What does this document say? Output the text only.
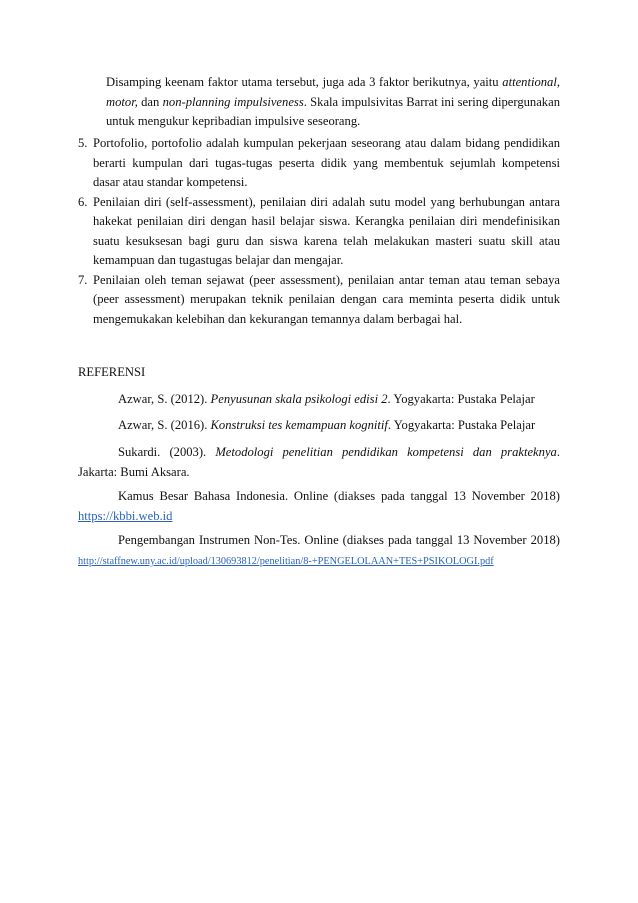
Disamping keenam faktor utama tersebut, juga ada 3 faktor berikutnya, yaitu attentional, motor, dan non-planning impulsiveness. Skala impulsivitas Barrat ini sering dipergunakan untuk mengukur kepribadian impulsive seseorang.

5. Portofolio, portofolio adalah kumpulan pekerjaan seseorang atau dalam bidang pendidikan berarti kumpulan dari tugas-tugas peserta didik yang membentuk sejumlah kompetensi dasar atau standar kompetensi.

6. Penilaian diri (self-assessment), penilaian diri adalah sutu model yang berhubungan antara hakekat penilaian diri dengan hasil belajar siswa. Kerangka penilaian diri mendefinisikan suatu kesuksesan bagi guru dan siswa karena telah melakukan masteri suatu skill atau kemampuan dan tugastugas belajar dan mengajar.

7. Penilaian oleh teman sejawat (peer assessment), penilaian antar teman atau teman sebaya (peer assessment) merupakan teknik penilaian dengan cara meminta peserta didik untuk mengemukakan kelebihan dan kekurangan temannya dalam berbagai hal.

REFERENSI

Azwar, S. (2012). Penyusunan skala psikologi edisi 2. Yogyakarta: Pustaka Pelajar

Azwar, S. (2016). Konstruksi tes kemampuan kognitif. Yogyakarta: Pustaka Pelajar

Sukardi. (2003). Metodologi penelitian pendidikan kompetensi dan prakteknya. Jakarta: Bumi Aksara.

Kamus Besar Bahasa Indonesia. Online (diakses pada tanggal 13 November 2018) https://kbbi.web.id

Pengembangan Instrumen Non-Tes. Online (diakses pada tanggal 13 November 2018) http://staffnew.uny.ac.id/upload/130693812/penelitian/8-+PENGELOLAAN+TES+PSIKOLOGI.pdf
